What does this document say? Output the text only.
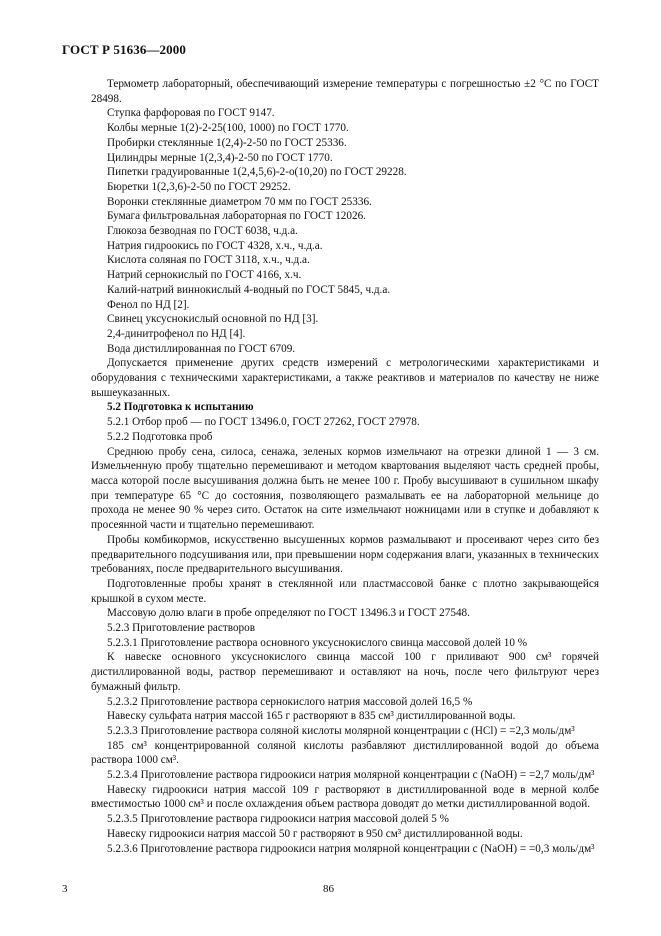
ГОСТ Р 51636—2000

Термометр лабораторный, обеспечивающий измерение температуры с погрешностью ±2 °С по ГОСТ 28498.

Ступка фарфоровая по ГОСТ 9147.

Колбы мерные 1(2)-2-25(100, 1000) по ГОСТ 1770.

Пробирки стеклянные 1(2,4)-2-50 по ГОСТ 25336.

Цилиндры мерные 1(2,3,4)-2-50 по ГОСТ 1770.

Пипетки градуированные 1(2,4,5,6)-2-о(10,20) по ГОСТ 29228.

Бюретки 1(2,3,6)-2-50 по ГОСТ 29252.

Воронки стеклянные диаметром 70 мм по ГОСТ 25336.

Бумага фильтровальная лабораторная по ГОСТ 12026.

Глюкоза безводная по ГОСТ 6038, ч.д.а.

Натрия гидроокись по ГОСТ 4328, х.ч., ч.д.а.

Кислота соляная по ГОСТ 3118, х.ч., ч.д.а.

Натрий сернокислый по ГОСТ 4166, х.ч.

Калий-натрий виннокислый 4-водный по ГОСТ 5845, ч.д.а.

Фенол по НД [2].

Свинец уксуснокислый основной по НД [3].

2,4-динитрофенол по НД [4].

Вода дистиллированная по ГОСТ 6709.

Допускается применение других средств измерений с метрологическими характеристиками и оборудования с техническими характеристиками, а также реактивов и материалов по качеству не ниже вышеуказанных.

5.2 Подготовка к испытанию

5.2.1 Отбор проб — по ГОСТ 13496.0, ГОСТ 27262, ГОСТ 27978.

5.2.2 Подготовка проб

Среднюю пробу сена, силоса, сенажа, зеленых кормов измельчают на отрезки длиной 1 — 3 см. Измельченную пробу тщательно перемешивают и методом квартования выделяют часть средней пробы, масса которой после высушивания должна быть не менее 100 г. Пробу высушивают в сушильном шкафу при температуре 65 °С до состояния, позволяющего размалывать ее на лабораторной мельнице до прохода не менее 90 % через сито. Остаток на сите измельчают ножницами или в ступке и добавляют к просеянной части и тщательно перемешивают.

Пробы комбикормов, искусственно высушенных кормов размалывают и просеивают через сито без предварительного подсушивания или, при превышении норм содержания влаги, указанных в технических требованиях, после предварительного высушивания.

Подготовленные пробы хранят в стеклянной или пластмассовой банке с плотно закрывающейся крышкой в сухом месте.

Массовую долю влаги в пробе определяют по ГОСТ 13496.3 и ГОСТ 27548.

5.2.3 Приготовление растворов

5.2.3.1 Приготовление раствора основного уксуснокислого свинца массовой долей 10 %

К навеске основного уксуснокислого свинца массой 100 г приливают 900 см³ горячей дистиллированной воды, раствор перемешивают и оставляют на ночь, после чего фильтруют через бумажный фильтр.

5.2.3.2 Приготовление раствора сернокислого натрия массовой долей 16,5 %

Навеску сульфата натрия массой 165 г растворяют в 835 см³ дистиллированной воды.

5.2.3.3 Приготовление раствора соляной кислоты молярной концентрации c (HCl) = =2,3 моль/дм³

185 см³ концентрированной соляной кислоты разбавляют дистиллированной водой до объема раствора 1000 см³.

5.2.3.4 Приготовление раствора гидроокиси натрия молярной концентрации c (NaOH) = =2,7 моль/дм³

Навеску гидроокиси натрия массой 109 г растворяют в дистиллированной воде в мерной колбе вместимостью 1000 см³ и после охлаждения объем раствора доводят до метки дистиллированной водой.

5.2.3.5 Приготовление раствора гидроокиси натрия массовой долей 5 %

Навеску гидроокиси натрия массой 50 г растворяют в 950 см³ дистиллированной воды.

5.2.3.6 Приготовление раствора гидроокиси натрия молярной концентрации c (NaOH) = =0,3 моль/дм³

3	86
